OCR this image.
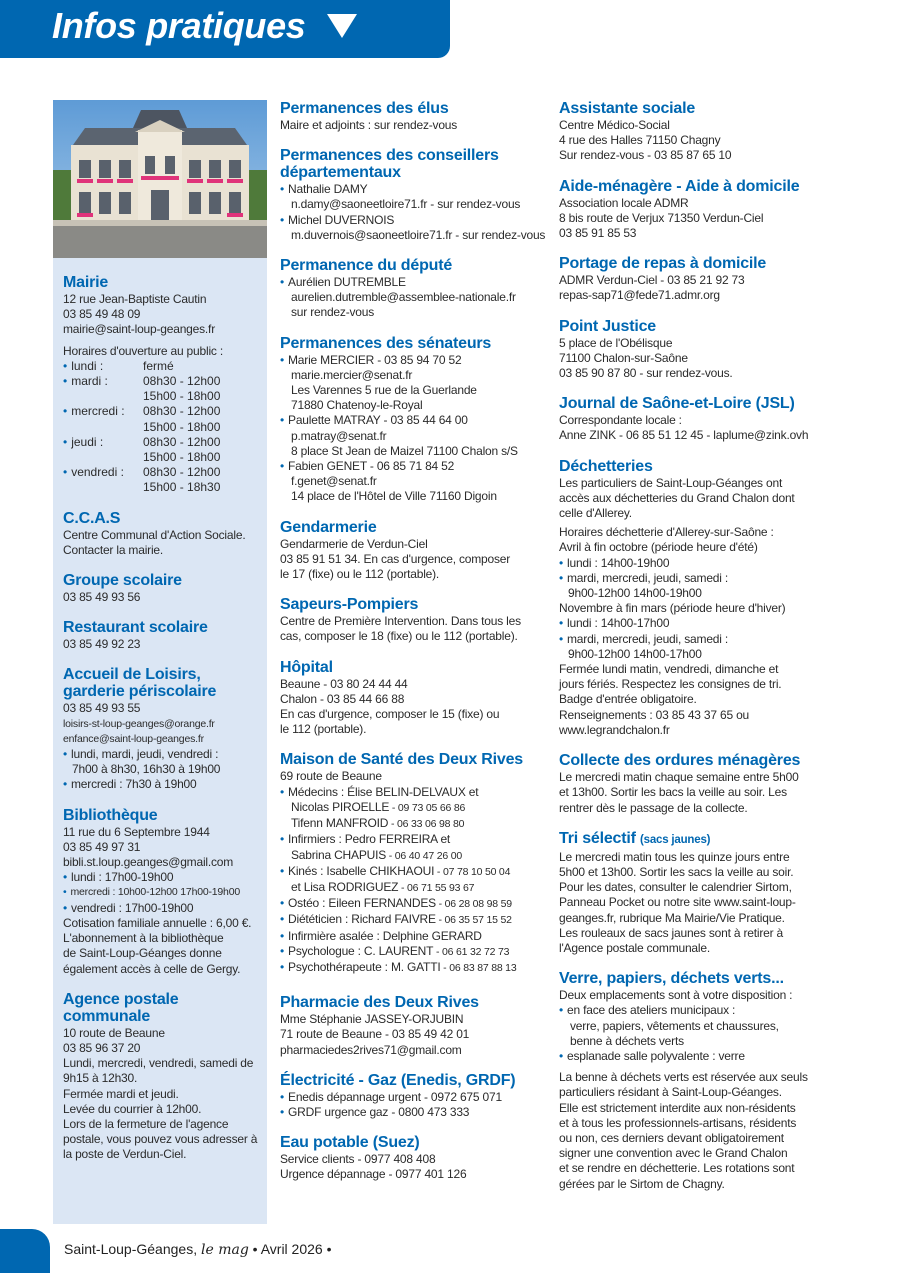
Infos pratiques
Mairie
12 rue Jean-Baptiste Cautin
03 85 49 48 09
mairie@saint-loup-geanges.fr
Horaires d'ouverture au public :
• lundi :	fermé
• mardi :	08h30 - 12h00
15h00 - 18h00
• mercredi :	08h30 - 12h00
15h00 - 18h00
• jeudi :	08h30 - 12h00
15h00 - 18h00
• vendredi :	08h30 - 12h00
15h00 - 18h30
C.C.A.S
Centre Communal d'Action Sociale.
Contacter la mairie.
Groupe scolaire
03 85 49 93 56
Restaurant scolaire
03 85 49 92 23
Accueil de Loisirs, garderie périscolaire
03 85 49 93 55
loisirs-st-loup-geanges@orange.fr
enfance@saint-loup-geanges.fr
• lundi, mardi, jeudi, vendredi :
7h00 à 8h30, 16h30 à 19h00
• mercredi : 7h30 à 19h00
Bibliothèque
11 rue du 6 Septembre 1944
03 85 49 97 31
bibli.st.loup.geanges@gmail.com
• lundi : 17h00-19h00
• mercredi : 10h00-12h00 17h00-19h00
• vendredi : 17h00-19h00
Cotisation familiale annuelle : 6,00 €.
L'abonnement à la bibliothèque
de Saint-Loup-Géanges donne
également accès à celle de Gergy.
Agence postale communale
10 route de Beaune
03 85 96 37 20
Lundi, mercredi, vendredi, samedi de
9h15 à 12h30.
Fermée mardi et jeudi.
Levée du courrier à 12h00.
Lors de la fermeture de l'agence
postale, vous pouvez vous adresser à
la poste de Verdun-Ciel.
Permanences des élus
Maire et adjoints : sur rendez-vous
Permanences des conseillers départementaux
• Nathalie DAMY
n.damy@saoneetloire71.fr - sur rendez-vous
• Michel DUVERNOIS
m.duvernois@saoneetloire71.fr - sur rendez-vous
Permanence du député
• Aurélien DUTREMBLE
aurelien.dutremble@assemblee-nationale.fr
sur rendez-vous
Permanences des sénateurs
• Marie MERCIER - 03 85 94 70 52
marie.mercier@senat.fr
Les Varennes 5 rue de la Guerlande
71880 Chatenoy-le-Royal
• Paulette MATRAY - 03 85 44 64 00
p.matray@senat.fr
8 place St Jean de Maizel 71100 Chalon s/S
• Fabien GENET - 06 85 71 84 52
f.genet@senat.fr
14 place de l'Hôtel de Ville 71160 Digoin
Gendarmerie
Gendarmerie de Verdun-Ciel
03 85 91 51 34. En cas d'urgence, composer
le 17 (fixe) ou le 112 (portable).
Sapeurs-Pompiers
Centre de Première Intervention. Dans tous les
cas, composer le 18 (fixe) ou le 112 (portable).
Hôpital
Beaune - 03 80 24 44 44
Chalon - 03 85 44 66 88
En cas d'urgence, composer le 15 (fixe) ou
le 112 (portable).
Maison de Santé des Deux Rives
69 route de Beaune
• Médecins : Élise BELIN-DELVAUX et
Nicolas PIROELLE - 09 73 05 66 86
Tifenn MANFROID - 06 33 06 98 80
• Infirmiers : Pedro FERREIRA et
Sabrina CHAPUIS - 06 40 47 26 00
• Kinés : Isabelle CHIKHAOUI - 07 78 10 50 04
et Lisa RODRIGUEZ - 06 71 55 93 67
• Ostéo : Eileen FERNANDES - 06 28 08 98 59
• Diététicien : Richard FAIVRE - 06 35 57 15 52
• Infirmière asalée : Delphine GERARD
• Psychologue : C. LAURENT - 06 61 32 72 73
• Psychothérapeute : M. GATTI - 06 83 87 88 13
Pharmacie des Deux Rives
Mme Stéphanie JASSEY-ORJUBIN
71 route de Beaune - 03 85 49 42 01
pharmaciedes2rives71@gmail.com
Électricité - Gaz (Enedis, GRDF)
• Enedis dépannage urgent - 0972 675 071
• GRDF urgence gaz - 0800 473 333
Eau potable (Suez)
Service clients - 0977 408 408
Urgence dépannage - 0977 401 126
Assistante sociale
Centre Médico-Social
4 rue des Halles 71150 Chagny
Sur rendez-vous - 03 85 87 65 10
Aide-ménagère - Aide à domicile
Association locale ADMR
8 bis route de Verjux 71350 Verdun-Ciel
03 85 91 85 53
Portage de repas à domicile
ADMR Verdun-Ciel - 03 85 21 92 73
repas-sap71@fede71.admr.org
Point Justice
5 place de l'Obélisque
71100 Chalon-sur-Saône
03 85 90 87 80 - sur rendez-vous.
Journal de Saône-et-Loire (JSL)
Correspondante locale :
Anne ZINK - 06 85 51 12 45 - laplume@zink.ovh
Déchetteries
Les particuliers de Saint-Loup-Géanges ont
accès aux déchetteries du Grand Chalon dont
celle d'Allerey.
Horaires déchetterie d'Allerey-sur-Saône :
Avril à fin octobre (période heure d'été)
• lundi : 14h00-19h00
• mardi, mercredi, jeudi, samedi :
9h00-12h00 14h00-19h00
Novembre à fin mars (période heure d'hiver)
• lundi : 14h00-17h00
• mardi, mercredi, jeudi, samedi :
9h00-12h00 14h00-17h00
Fermée lundi matin, vendredi, dimanche et
jours fériés. Respectez les consignes de tri.
Badge d'entrée obligatoire.
Renseignements : 03 85 43 37 65 ou
www.legrandchalon.fr
Collecte des ordures ménagères
Le mercredi matin chaque semaine entre 5h00
et 13h00. Sortir les bacs la veille au soir. Les
rentrer dès le passage de la collecte.
Tri sélectif (sacs jaunes)
Le mercredi matin tous les quinze jours entre
5h00 et 13h00. Sortir les sacs la veille au soir.
Pour les dates, consulter le calendrier Sirtom,
Panneau Pocket ou notre site www.saint-loup-
geanges.fr, rubrique Ma Mairie/Vie Pratique.
Les rouleaux de sacs jaunes sont à retirer à
l'Agence postale communale.
Verre, papiers, déchets verts...
Deux emplacements sont à votre disposition :
• en face des ateliers municipaux :
verre, papiers, vêtements et chaussures,
benne à déchets verts
• esplanade salle polyvalente : verre
La benne à déchets verts est réservée aux seuls
particuliers résidant à Saint-Loup-Géanges.
Elle est strictement interdite aux non-résidents
et à tous les professionnels-artisans, résidents
ou non, ces derniers devant obligatoirement
signer une convention avec le Grand Chalon
et se rendre en déchetterie. Les rotations sont
gérées par le Sirtom de Chagny.
Saint-Loup-Géanges, le mag • Avril 2026 •
